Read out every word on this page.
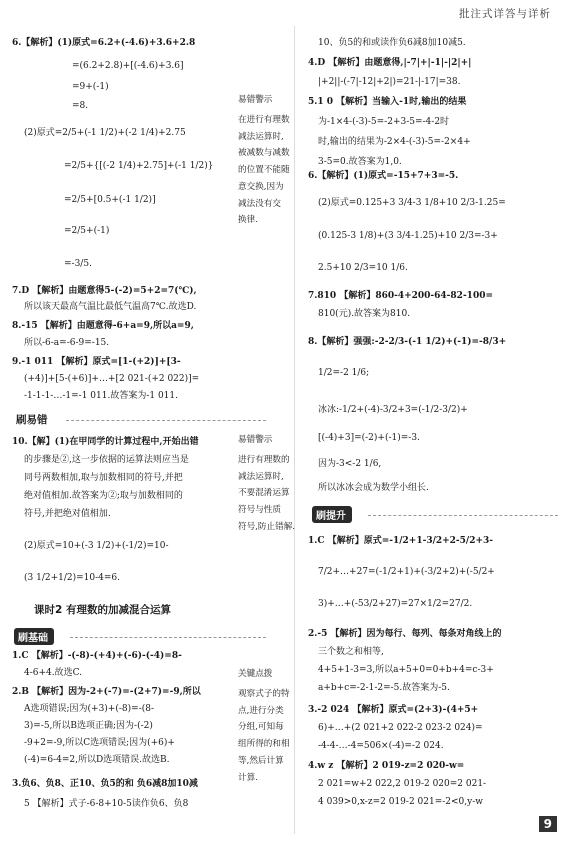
批注式详答与详析
6.【解析】(1)原式=6.2+(-4.6)+3.6+2.8
=(6.2+2.8)+[(-4.6)+3.6]
=9+(-1)
=8.
(2)原式=2/5+(-1 1/2)+(-2 1/4)+2.75
=2/5+{[(-2 1/4)+2.75]+(-1 1/2)}
=2/5+[0.5+(-1 1/2)]
=2/5+(-1)
=-3/5.
7.D 【解析】由题意得5-(-2)=5+2=7(℃),
所以该天最高气温比最低气温高7℃.故选D.
8.-15 【解析】由题意得-6+a=9,所以a=9,
所以-6-a=-6-9=-15.
9.-1 011 【解析】原式=[1-(+2)]+[3-
(+4)]+[5-(+6)]+…+[2 021-(+2 022)]=
-1-1-1-…-1=-1 011.故答案为-1 011.
刷易错
10.【解】(1)在甲同学的计算过程中,开始出错
的步骤是②,这一步依据的运算法则应当是
同号两数相加,取与加数相同的符号,并把
绝对值相加.故答案为②;取与加数相同的
符号,并把绝对值相加.
(2)原式=10+(-3 1/2)+(-1/2)=10-
(3 1/2+1/2)=10-4=6.
课时2 有理数的加减混合运算
刷基础
1.C 【解析】-(-8)-(+4)+(-6)-(-4)=8-
4-6+4.故选C.
2.B 【解析】因为-2+(-7)=-(2+7)=-9,所以
A选项错误;因为(+3)+(-8)=-(8-
3)=-5,所以B选项正确;因为-(-2)
-9+2=-9,所以C选项错误;因为(+6)+
(-4)=6-4=2,所以D选项错误.故选B.
3.负6、负8、正10、负5的和 负6减8加10减
5 【解析】式子-6-8+10-5读作负6、负8
易错警示
在进行有理数
减法运算时,
被减数与减数
的位置不能随
意交换,因为
减法没有交
换律.
易错警示
进行有理数的
减法运算时,
不要混淆运算
符号与性质
符号,防止错解.
关键点拨
观察式子的特
点,进行分类
分组,可知每
组所得的和相
等,然后计算
计算.
10、负5的和或读作负6减8加10减5.
4.D 【解析】由题意得,|-7|+|-1|-|2|+|
|+2||-(-7|-12|+2|)=21-|-17|=38.
5.1 0 【解析】当输入-1时,输出的结果
为-1×4-(-3)-5=-2+3-5=-4-2时
时,输出的结果为-2×4-(-3)-5=-2×4+
3-5=0.故答案为1,0.
6.【解析】(1)原式=-15+7+3=-5.
(2)原式=0.125+3 3/4-3 1/8+10 2/3-1.25=
(0.125-3 1/8)+(3 3/4-1.25)+10 2/3=-3+
2.5+10 2/3=10 1/6.
7.810 【解析】860-4+200-64-82-100=
810(元).故答案为810.
8.【解析】强强:-2-2/3-(-1 1/2)+(-1)=-8/3+
1/2=-2 1/6;
冰冰:-1/2+(-4)-3/2+3=(-1/2-3/2)+
[(-4)+3]=(-2)+(-1)=-3.
因为-3<-2 1/6,
所以冰冰会成为数学小组长.
刷提升
1.C 【解析】原式=-1/2+1-3/2+2-5/2+3-
7/2+…+27=(-1/2+1)+(-3/2+2)+(-5/2+
3)+…+(-53/2+27)=27×1/2=27/2.
2.-5 【解析】因为每行、每列、每条对角线上的
三个数之和相等,
4+5+1-3=3,所以a+5+0=0+b+4=c-3+
a+b+c=-2-1-2=-5.故答案为-5.
3.-2 024 【解析】原式=(2+3)-(4+5+
6)+…+(2 021+2 022-2 023-2 024)=
-4-4-…-4=506×(-4)=-2 024.
4.w z 【解析】2 019-z=2 020-w=
2 021=w+2 022,2 019-2 020=2 021-
4 039>0,x-z=2 019-2 021=-2<0,y-w
9
